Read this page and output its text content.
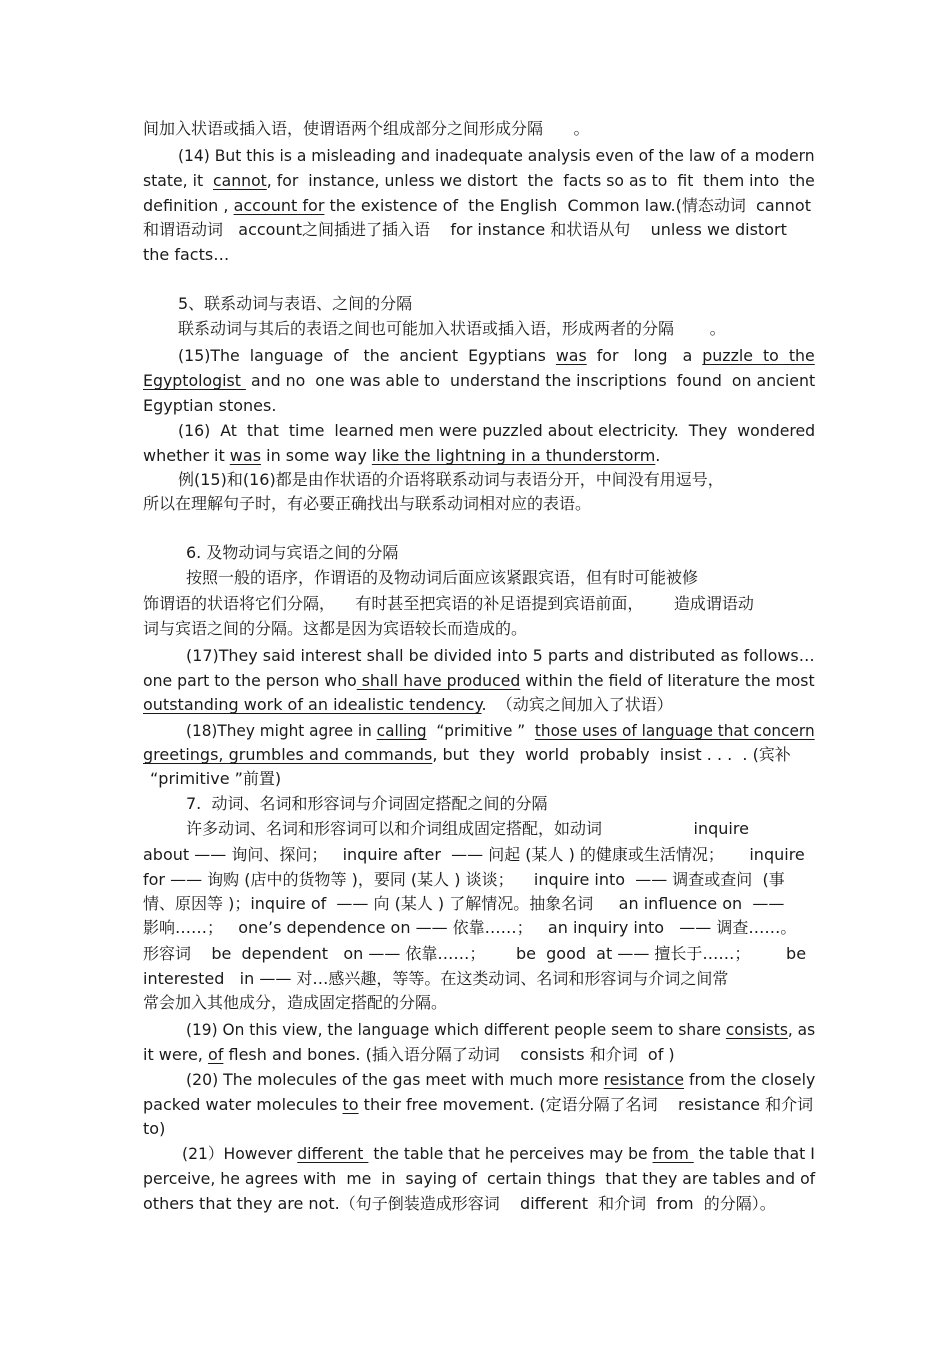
间加入状语或插入语，使谓语两个组成部分之间形成分隔      。
(14) But this is a misleading and inadequate analysis even of the law of a modern
state, it  cannot, for  instance, unless we distort  the  facts so as to  fit  them into  the
definition , account for the existence of  the English  Common law.(情态动词  cannot
和谓语动词   account之间插进了插入语    for instance 和状语从句    unless we distort
the facts…
5、联系动词与表语、之间的分隔
联系动词与其后的表语之间也可能加入状语或插入语，形成两者的分隔       。
(15)The  language  of   the  ancient  Egyptians  was  for   long   a  puzzle  to  the
Egyptologist  and no  one was able to  understand the inscriptions  found  on ancient
Egyptian stones.
(16)  At  that  time  learned men were puzzled about electricity.  They  wondered
whether it was in some way like the lightning in a thunderstorm.
例(15)和(16)都是由作状语的介语将联系动词与表语分开，中间没有用逗号，
所以在理解句子时，有必要正确找出与联系动词相对应的表语。
6. 及物动词与宾语之间的分隔
按照一般的语序，作谓语的及物动词后面应该紧跟宾语，但有时可能被修
饰谓语的状语将它们分隔，    有时甚至把宾语的补足语提到宾语前面，      造成谓语动
词与宾语之间的分隔。这都是因为宾语较长而造成的。
(17)They said interest shall be divided into 5 parts and distributed as follows…
one part to the person who shall have produced within the field of literature the most
outstanding work of an idealistic tendency.  （动宾之间加入了状语）
(18)They might agree in calling  “primitive ”  those uses of language that concern
greetings, grumbles and commands, but  they  world  probably  insist . . .  . (宾补
“primitive ”前置)
7.  动词、名词和形容词与介词固定搭配之间的分隔
许多动词、名词和形容词可以和介词组成固定搭配，如动词                  inquire
about —— 询问、探问；   inquire after  —— 问起 (某人 ) 的健康或生活情况；     inquire
for —— 询购 (店中的货物等 )，要同 (某人 ) 谈谈；    inquire into  —— 调查或查问  (事
情、原因等 )；inquire of  —— 向 (某人 ) 了解情况。抽象名词     an influence on  ——
影响……；   one’s dependence on —— 依靠……；   an inquiry into   —— 调查……。
形容词    be  dependent   on —— 依靠……；      be  good  at —— 擅长于……；       be
interested   in —— 对…感兴趣，等等。在这类动词、名词和形容词与介词之间常
常会加入其他成分，造成固定搭配的分隔。
(19) On this view, the language which different people seem to share consists, as
it were, of flesh and bones. (插入语分隔了动词    consists 和介词  of )
(20) The molecules of the gas meet with much more resistance from the closely
packed water molecules to their free movement. (定语分隔了名词    resistance 和介词
to)
(21）However different  the table that he perceives may be from  the table that I
perceive, he agrees with  me  in  saying of  certain things  that they are tables and of
others that they are not.（句子倒装造成形容词    different  和介词  from  的分隔）。
